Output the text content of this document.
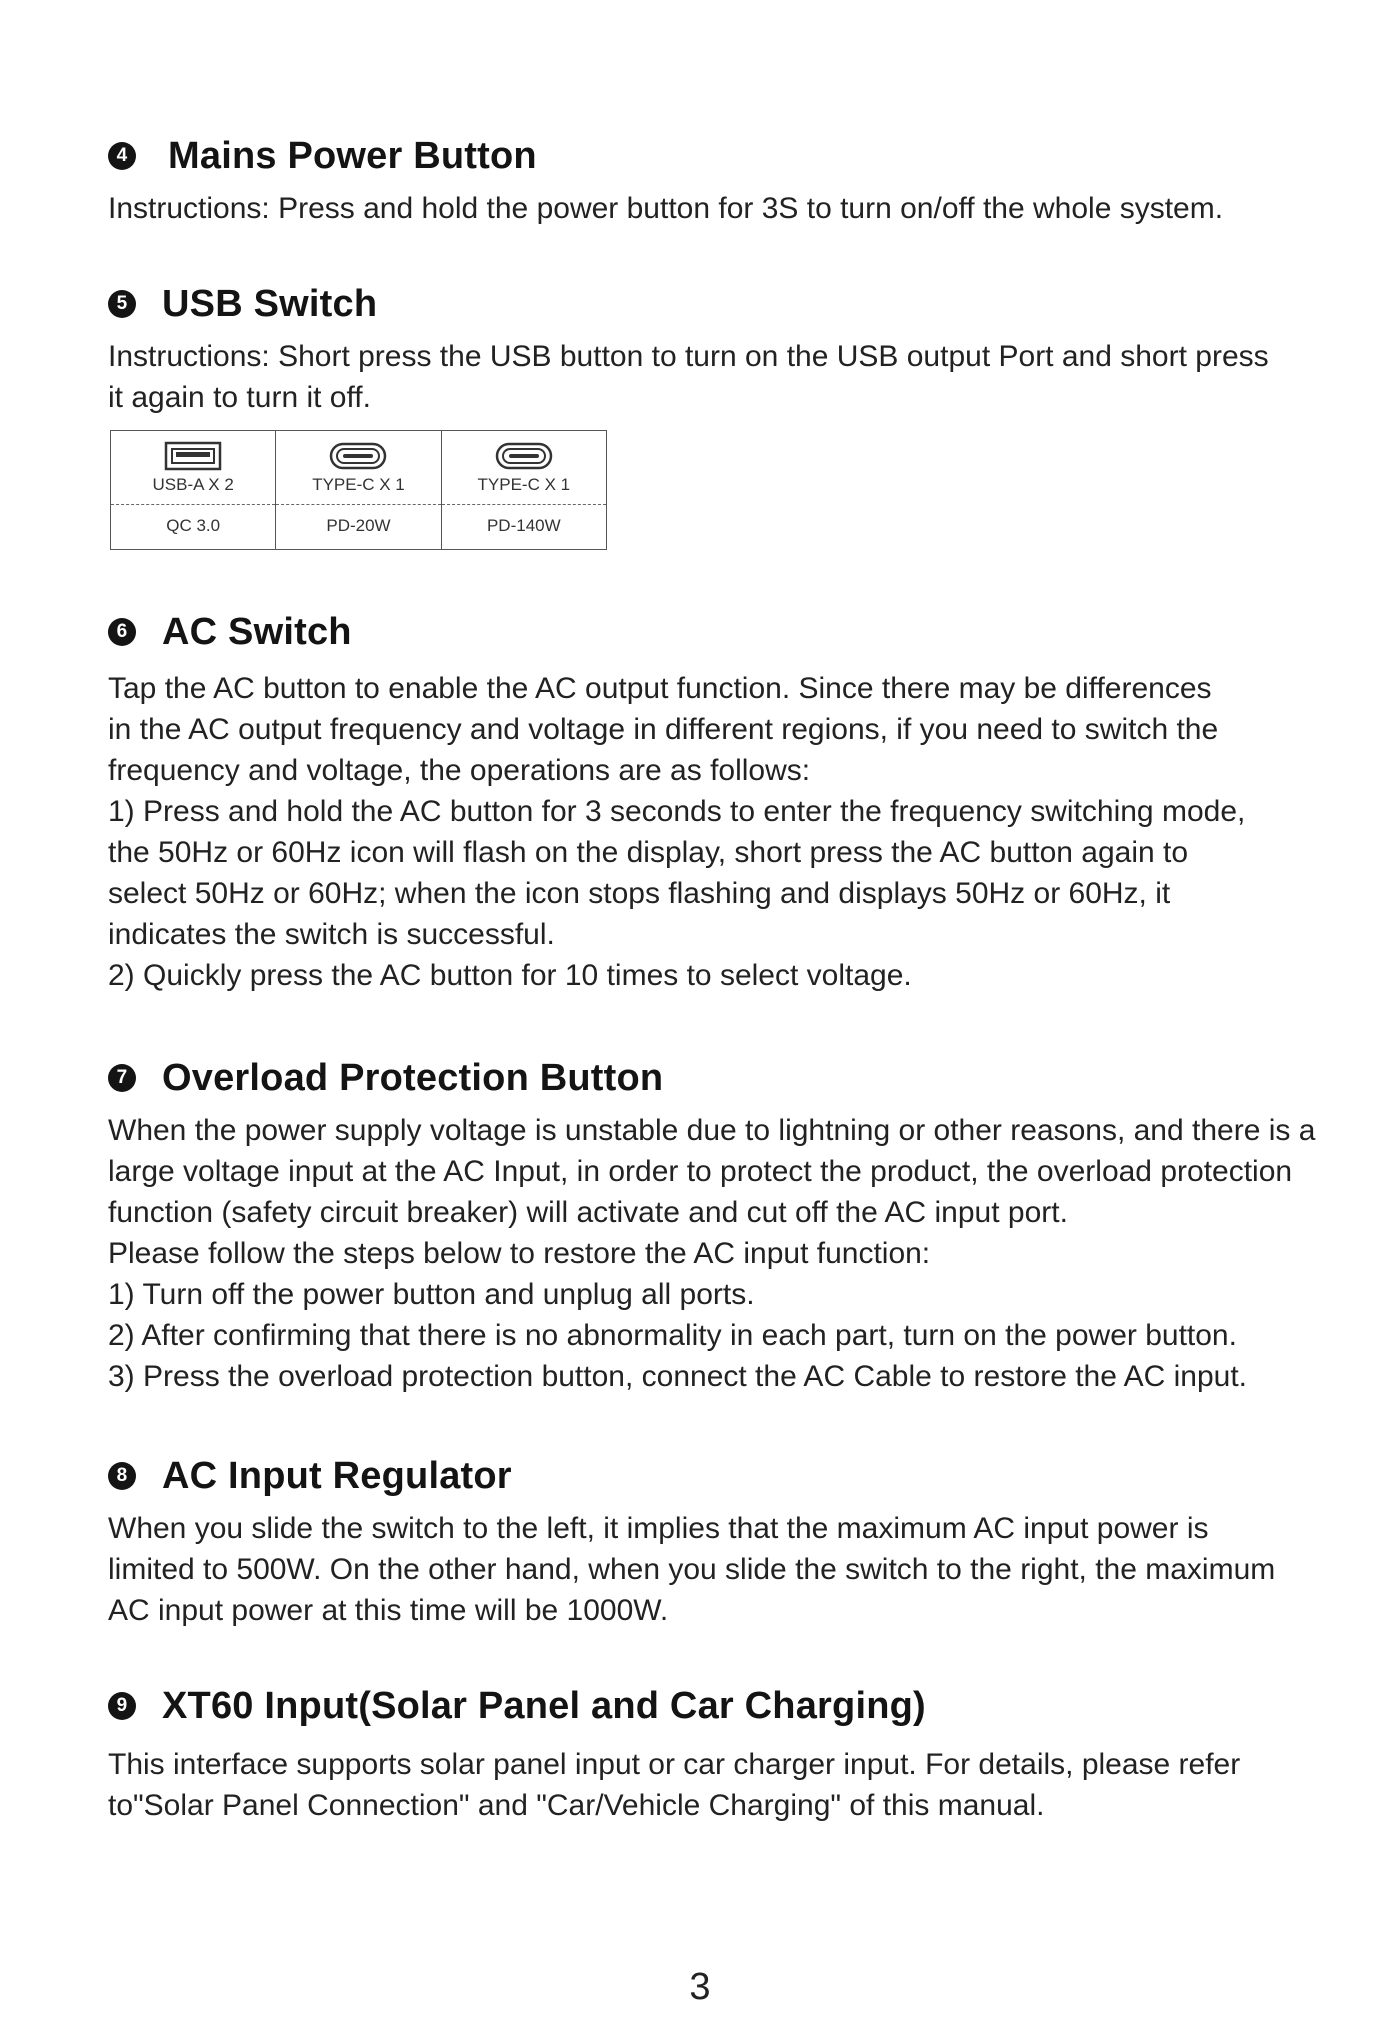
4 Mains Power Button

Instructions: Press and hold the power button for 3S to turn on/off the whole system.

5 USB Switch

Instructions: Short press the USB button to turn on the USB output Port and short press

it again to turn it off.

USB-A X 2
QC 3.0
TYPE-C X 1
PD-20W
TYPE-C X 1
PD-140W
6 AC Switch

Tap the AC button to enable the AC output function. Since there may be differences

in the AC output frequency and voltage in different regions, if you need to switch the

frequency and voltage, the operations are as follows:

1) Press and hold the AC button for 3 seconds to enter the frequency switching mode,

the 50Hz or 60Hz icon will flash on the display, short press the AC button again to

select 50Hz or 60Hz; when the icon stops flashing and displays 50Hz or 60Hz, it

indicates the switch is successful.

2) Quickly press the AC button for 10 times to select voltage.

7 Overload Protection Button

When the power supply voltage is unstable due to lightning or other reasons, and there is a

large voltage input at the AC Input, in order to protect the product, the overload protection

function (safety circuit breaker) will activate and cut off the AC input port.

Please follow the steps below to restore the AC input function:

1) Turn off the power button and unplug all ports.

2) After confirming that there is no abnormality in each part, turn on the power button.

3) Press the overload protection button, connect the AC Cable to restore the AC input.

8 AC Input Regulator

When you slide the switch to the left, it implies that the maximum AC input power is

limited to 500W. On the other hand, when you slide the switch to the right, the maximum

AC input power at this time will be 1000W.

9 XT60 Input(Solar Panel and Car Charging)

This interface supports solar panel input or car charger input. For details, please refer

to"Solar Panel Connection" and "Car/Vehicle Charging" of this manual.

3
